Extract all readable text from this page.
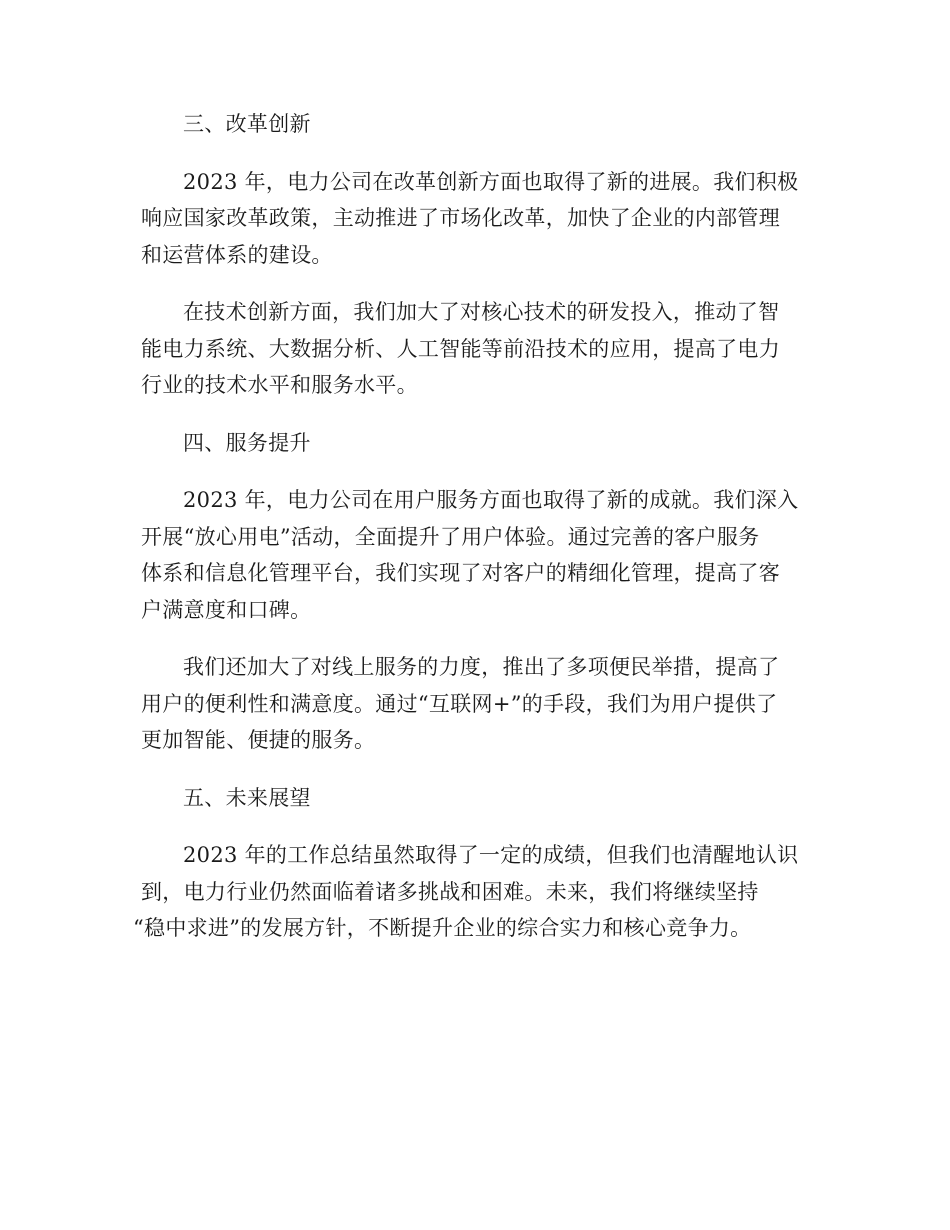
三、改革创新

2023 年，电力公司在改革创新方面也取得了新的进展。我们积极
响应国家改革政策，主动推进了市场化改革，加快了企业的内部管理
和运营体系的建设。

在技术创新方面，我们加大了对核心技术的研发投入，推动了智
能电力系统、大数据分析、人工智能等前沿技术的应用，提高了电力
行业的技术水平和服务水平。

四、服务提升

2023 年，电力公司在用户服务方面也取得了新的成就。我们深入
开展“放心用电”活动，全面提升了用户体验。通过完善的客户服务
体系和信息化管理平台，我们实现了对客户的精细化管理，提高了客
户满意度和口碑。

我们还加大了对线上服务的力度，推出了多项便民举措，提高了
用户的便利性和满意度。通过“互联网+”的手段，我们为用户提供了
更加智能、便捷的服务。

五、未来展望

2023 年的工作总结虽然取得了一定的成绩，但我们也清醒地认识
到，电力行业仍然面临着诸多挑战和困难。未来，我们将继续坚持
“稳中求进”的发展方针，不断提升企业的综合实力和核心竞争力。
